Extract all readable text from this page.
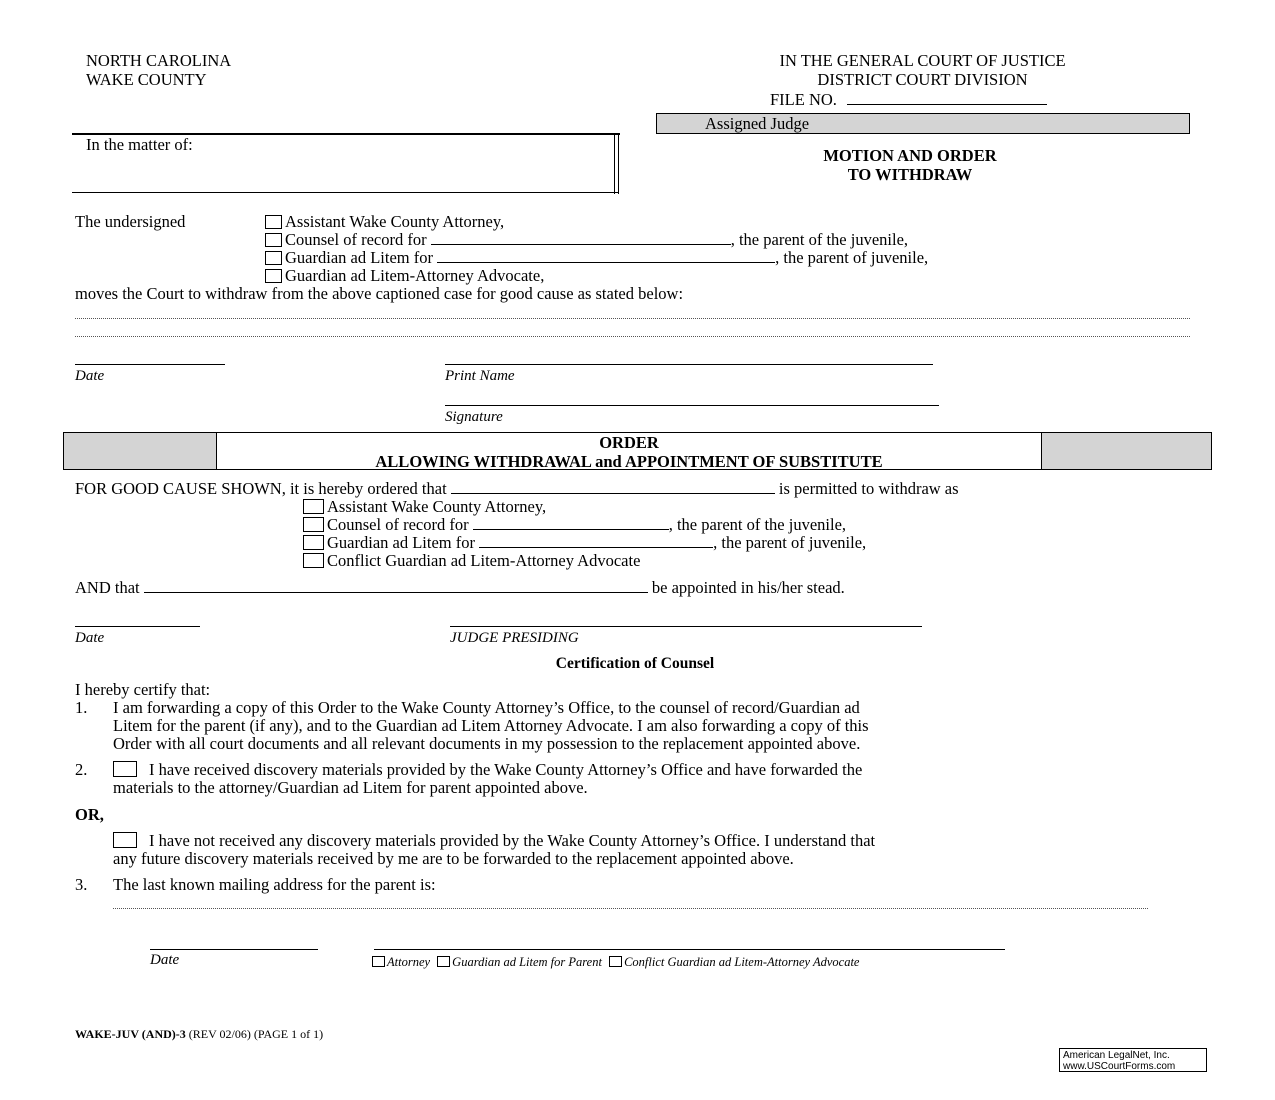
NORTH CAROLINA
WAKE COUNTY
IN THE GENERAL COURT OF JUSTICE
DISTRICT COURT DIVISION
FILE NO.
Assigned Judge
In the matter of:
MOTION AND ORDER
TO WITHDRAW
The undersigned	Assistant Wake County Attorney,
Counsel of record for	, the parent of the juvenile,
Guardian ad Litem for	, the parent of juvenile,
Guardian ad Litem-Attorney Advocate,
moves the Court to withdraw from the above captioned case for good cause as stated below:
Date	Print Name
Signature
ORDER
ALLOWING WITHDRAWAL and APPOINTMENT OF SUBSTITUTE
FOR GOOD CAUSE SHOWN, it is hereby ordered that	is permitted to withdraw as
Assistant Wake County Attorney,
Counsel of record for	, the parent of the juvenile,
Guardian ad Litem for	, the parent of juvenile,
Conflict Guardian ad Litem-Attorney Advocate
AND that	be appointed in his/her stead.
Date	JUDGE PRESIDING
Certification of Counsel
I hereby certify that:
1. I am forwarding a copy of this Order to the Wake County Attorney’s Office, to the counsel of record/Guardian ad
Litem for the parent (if any), and to the Guardian ad Litem Attorney Advocate. I am also forwarding a copy of this
Order with all court documents and all relevant documents in my possession to the replacement appointed above.
2.	I have received discovery materials provided by the Wake County Attorney’s Office and have forwarded the
materials to the attorney/Guardian ad Litem for parent appointed above.
OR,
I have not received any discovery materials provided by the Wake County Attorney’s Office. I understand that
any future discovery materials received by me are to be forwarded to the replacement appointed above.
3. The last known mailing address for the parent is:
Date	Attorney Guardian ad Litem for Parent Conflict Guardian ad Litem-Attorney Advocate
WAKE-JUV (AND)-3 (REV 02/06) (PAGE 1 of 1)
American LegalNet, Inc.
www.USCourtForms.com
